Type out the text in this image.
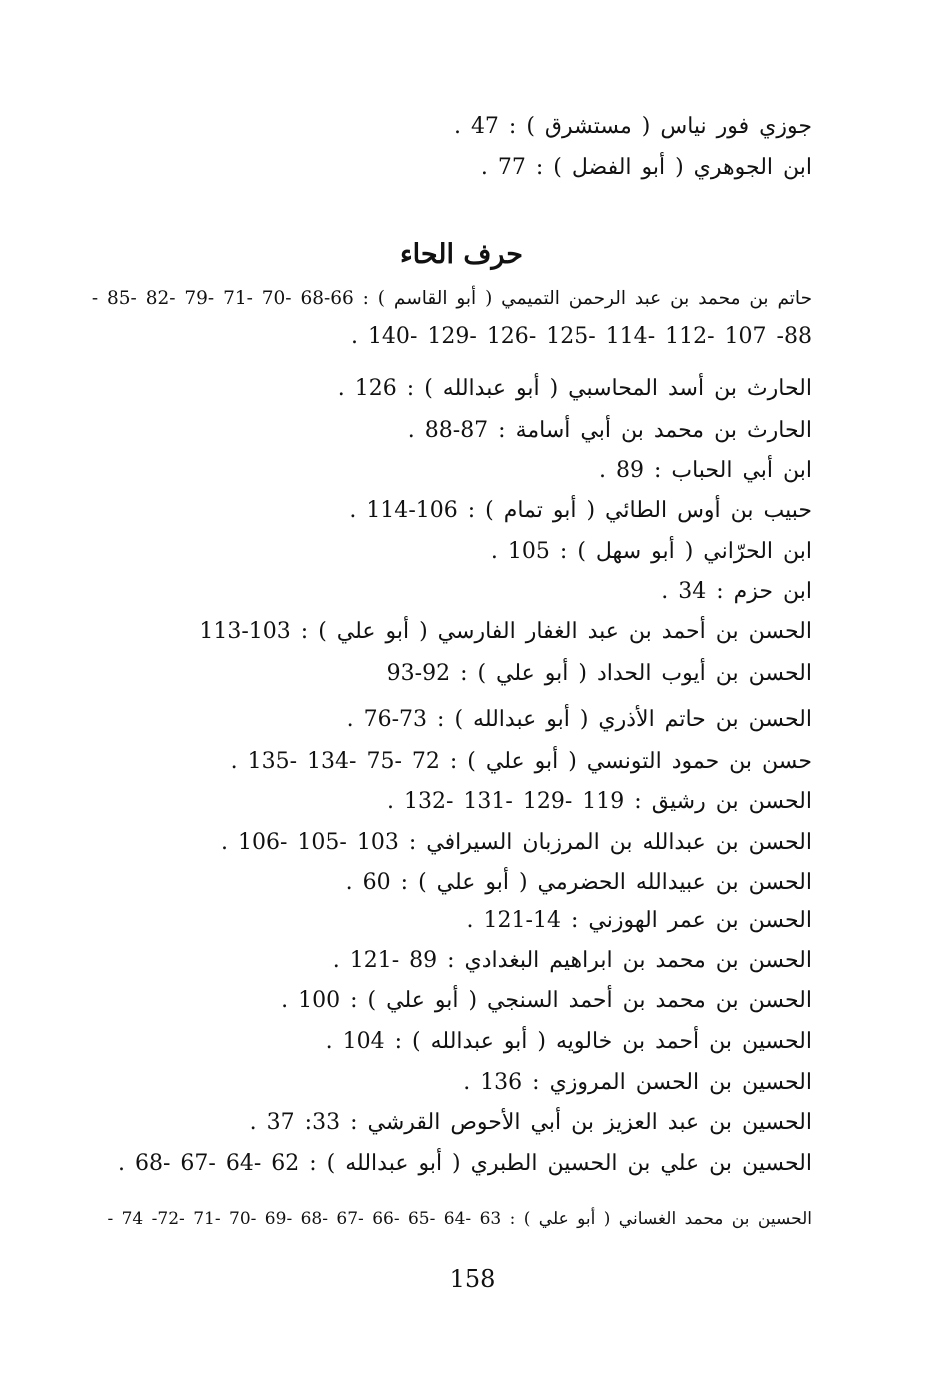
جوزي فور نياس ( مستشرق ) : 47 .
ابن الجوهري ( أبو الفضل ) : 77 .
حرف الحاء
حاتم بن محمد بن عبد الرحمن التميمي ( أبو القاسم ) : 66-68 -70 -71 -79 -82 -85 -
88- 107 -112 -114 -125 -126 -129 -140 .
الحارث بن أسد المحاسبي ( أبو عبدالله ) : 126 .
الحارث بن محمد بن أبي أسامة : 87-88 .
ابن أبي الحباب : 89 .
حبيب بن أوس الطائي ( أبو تمام ) : 106-114 .
ابن الحرّاني ( أبو سهل ) : 105 .
ابن حزم : 34 .
الحسن بن أحمد بن عبد الغفار الفارسي ( أبو علي ) : 103-113
الحسن بن أيوب الحداد ( أبو علي ) : 92-93
الحسن بن حاتم الأذري ( أبو عبدالله ) : 73-76 .
حسن بن حمود التونسي ( أبو علي ) : 72 -75 -134 -135 .
الحسن بن رشيق : 119 -129 -131 -132 .
الحسن بن عبدالله بن المرزبان السيرافي : 103 -105 -106 .
الحسن بن عبيدالله الحضرمي ( أبو علي ) : 60 .
الحسن بن عمر الهوزني : 14-121 .
الحسن بن محمد بن ابراهيم البغدادي : 89 -121 .
الحسن بن محمد بن أحمد السنجي ( أبو علي ) : 100 .
الحسين بن أحمد بن خالويه ( أبو عبدالله ) : 104 .
الحسين بن الحسن المروزي : 136 .
الحسين بن عبد العزيز بن أبي الأحوص القرشي : 33: 37 .
الحسين بن علي بن الحسين الطبري ( أبو عبدالله ) : 62 -64 -67 -68 .
الحسين بن محمد الغساني ( أبو علي ) : 63 -64 -65 -66 -67 -68 -69 -70 -71 -72- 74 -
158
